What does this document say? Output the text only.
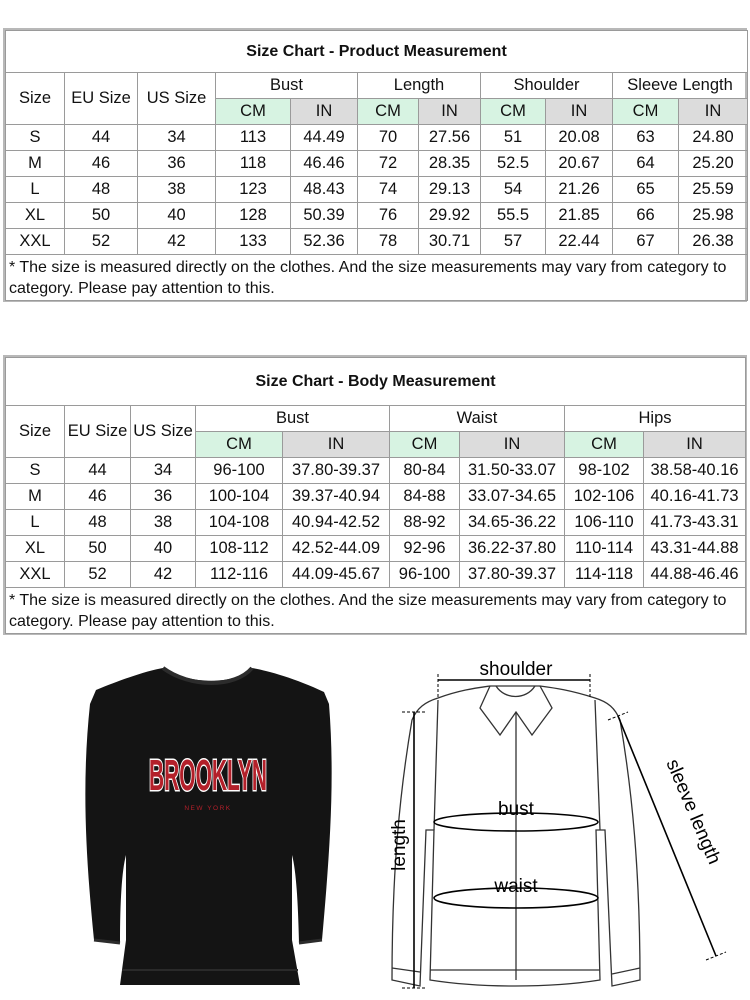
Size Chart - Product Measurement										
Size	EU Size	US Size	Bust		Length		Shoulder		Sleeve Length	
			CM	IN	CM	IN	CM	IN	CM	IN
S	44	34	113	44.49	70	27.56	51	20.08	63	24.80
M	46	36	118	46.46	72	28.35	52.5	20.67	64	25.20
L	48	38	123	48.43	74	29.13	54	21.26	65	25.59
XL	50	40	128	50.39	76	29.92	55.5	21.85	66	25.98
XXL	52	42	133	52.36	78	30.71	57	22.44	67	26.38
* The size is measured directly on the clothes. And the size measurements may vary from category to category. Please pay attention to this.										
Size Chart - Body Measurement								
Size	EU Size	US Size	Bust		Waist		Hips	
			CM	IN	CM	IN	CM	IN
S	44	34	96-100	37.80-39.37	80-84	31.50-33.07	98-102	38.58-40.16
M	46	36	100-104	39.37-40.94	84-88	33.07-34.65	102-106	40.16-41.73
L	48	38	104-108	40.94-42.52	88-92	34.65-36.22	106-110	41.73-43.31
XL	50	40	108-112	42.52-44.09	92-96	36.22-37.80	110-114	43.31-44.88
XXL	52	42	112-116	44.09-45.67	96-100	37.80-39.37	114-118	44.88-46.46
* The size is measured directly on the clothes. And the size measurements may vary from category to category. Please pay attention to this.								
BROOKLYN
NEW YORK
shoulder
bust
waist
length	sleeve length
